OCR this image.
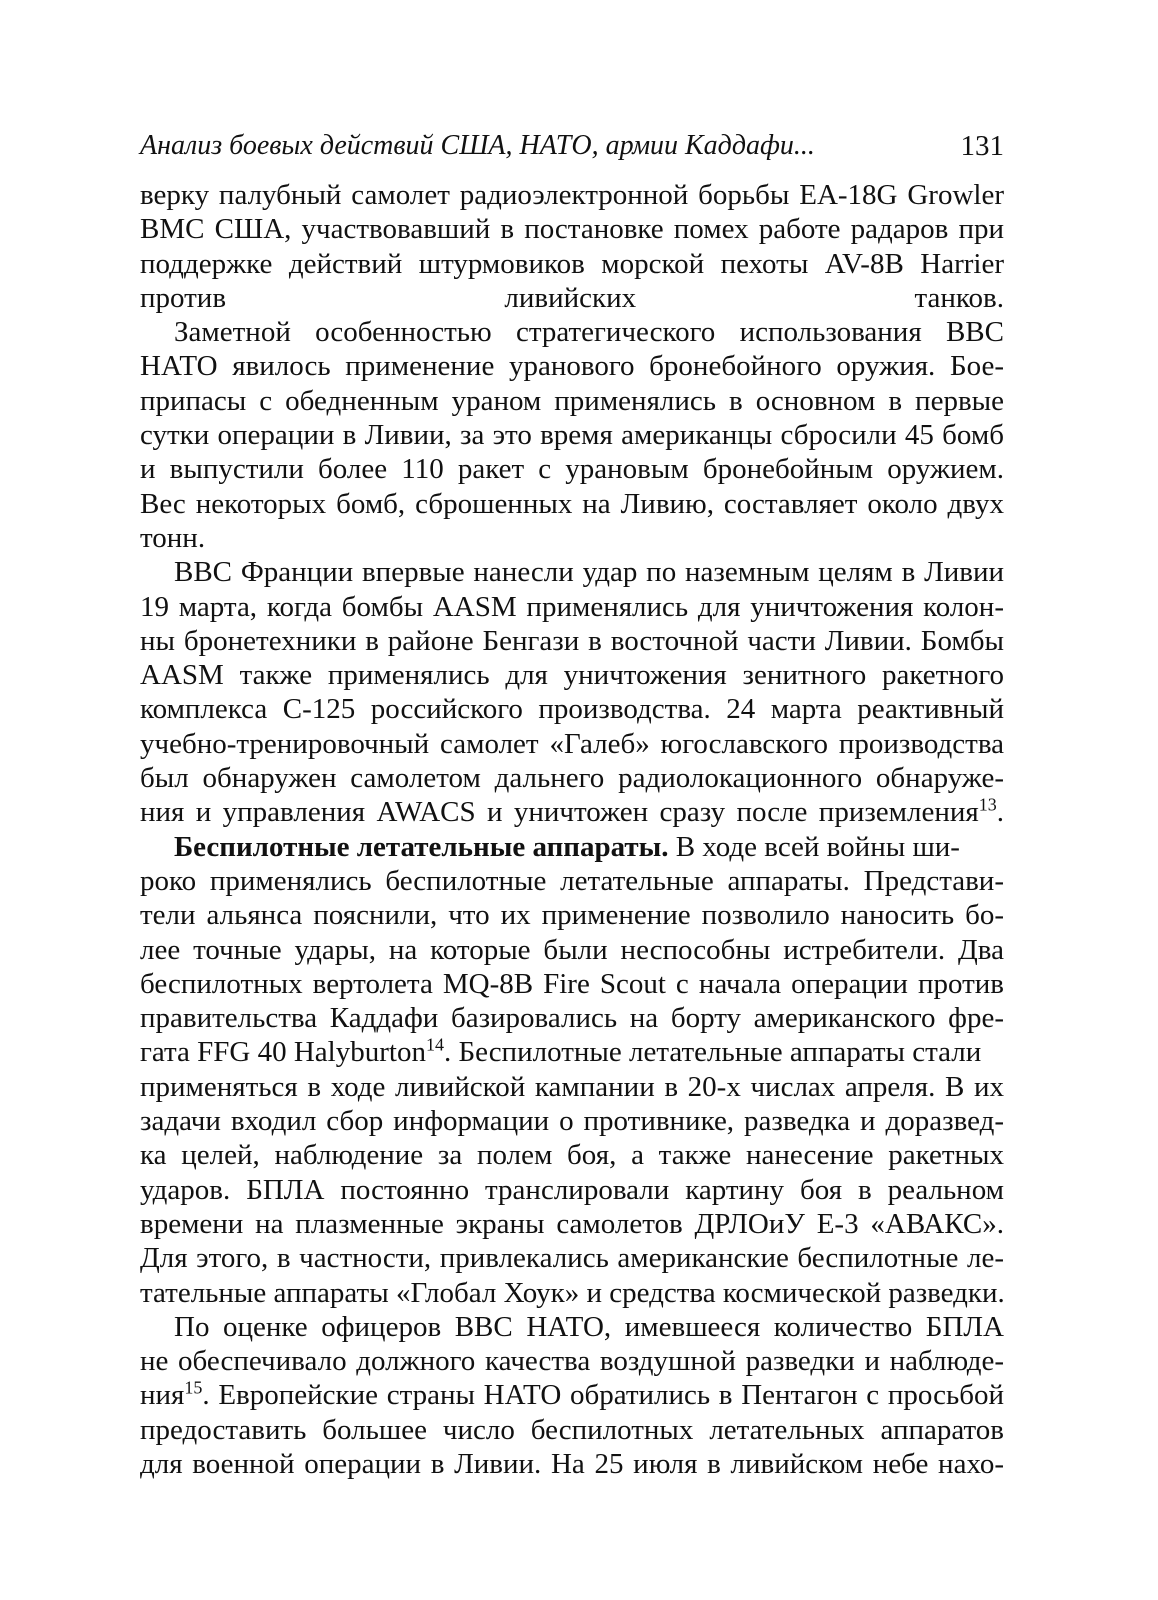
Анализ боевых действий США, НАТО, армии Каддафи...	131
верку палубный самолет радиоэлектронной борьбы ЕА-18G Growler
ВМС США, участвовавший в постановке помех работе радаров при
поддержке действий штурмовиков морской пехоты AV-8B Harrier
против ливийских танков.
Заметной особенностью стратегического использования ВВС
НАТО явилось применение уранового бронебойного оружия. Бое-
припасы с обедненным ураном применялись в основном в первые
сутки операции в Ливии, за это время американцы сбросили 45 бомб
и выпустили более 110 ракет с урановым бронебойным оружием.
Вес некоторых бомб, сброшенных на Ливию, составляет около двух
тонн.
ВВС Франции впервые нанесли удар по наземным целям в Ливии
19 марта, когда бомбы AASM применялись для уничтожения колон-
ны бронетехники в районе Бенгази в восточной части Ливии. Бомбы
AASM также применялись для уничтожения зенитного ракетного
комплекса С-125 российского производства. 24 марта реактивный
учебно-тренировочный самолет «Галеб» югославского производства
был обнаружен самолетом дальнего радиолокационного обнаруже-
ния и управления AWACS и уничтожен сразу после приземления$^{13}$.
Беспилотные летательные аппараты. В ходе всей войны ши-
роко применялись беспилотные летательные аппараты. Представи-
тели альянса пояснили, что их применение позволило наносить бо-
лее точные удары, на которые были неспособны истребители. Два
беспилотных вертолета MQ-8B Fire Scout с начала операции против
правительства Каддафи базировались на борту американского фре-
гата FFG 40 Halyburton$^{14}$. Беспилотные летательные аппараты стали
применяться в ходе ливийской кампании в 20-х числах апреля. В их
задачи входил сбор информации о противнике, разведка и доразвед-
ка целей, наблюдение за полем боя, а также нанесение ракетных
ударов. БПЛА постоянно транслировали картину боя в реальном
времени на плазменные экраны самолетов ДРЛОиУ Е-3 «АВАКС».
Для этого, в частности, привлекались американские беспилотные ле-
тательные аппараты «Глобал Хоук» и средства космической разведки.
По оценке офицеров ВВС НАТО, имевшееся количество БПЛА
не обеспечивало должного качества воздушной разведки и наблюде-
ния$^{15}$. Европейские страны НАТО обратились в Пентагон с просьбой
предоставить большее число беспилотных летательных аппаратов
для военной операции в Ливии. На 25 июля в ливийском небе нахо-
